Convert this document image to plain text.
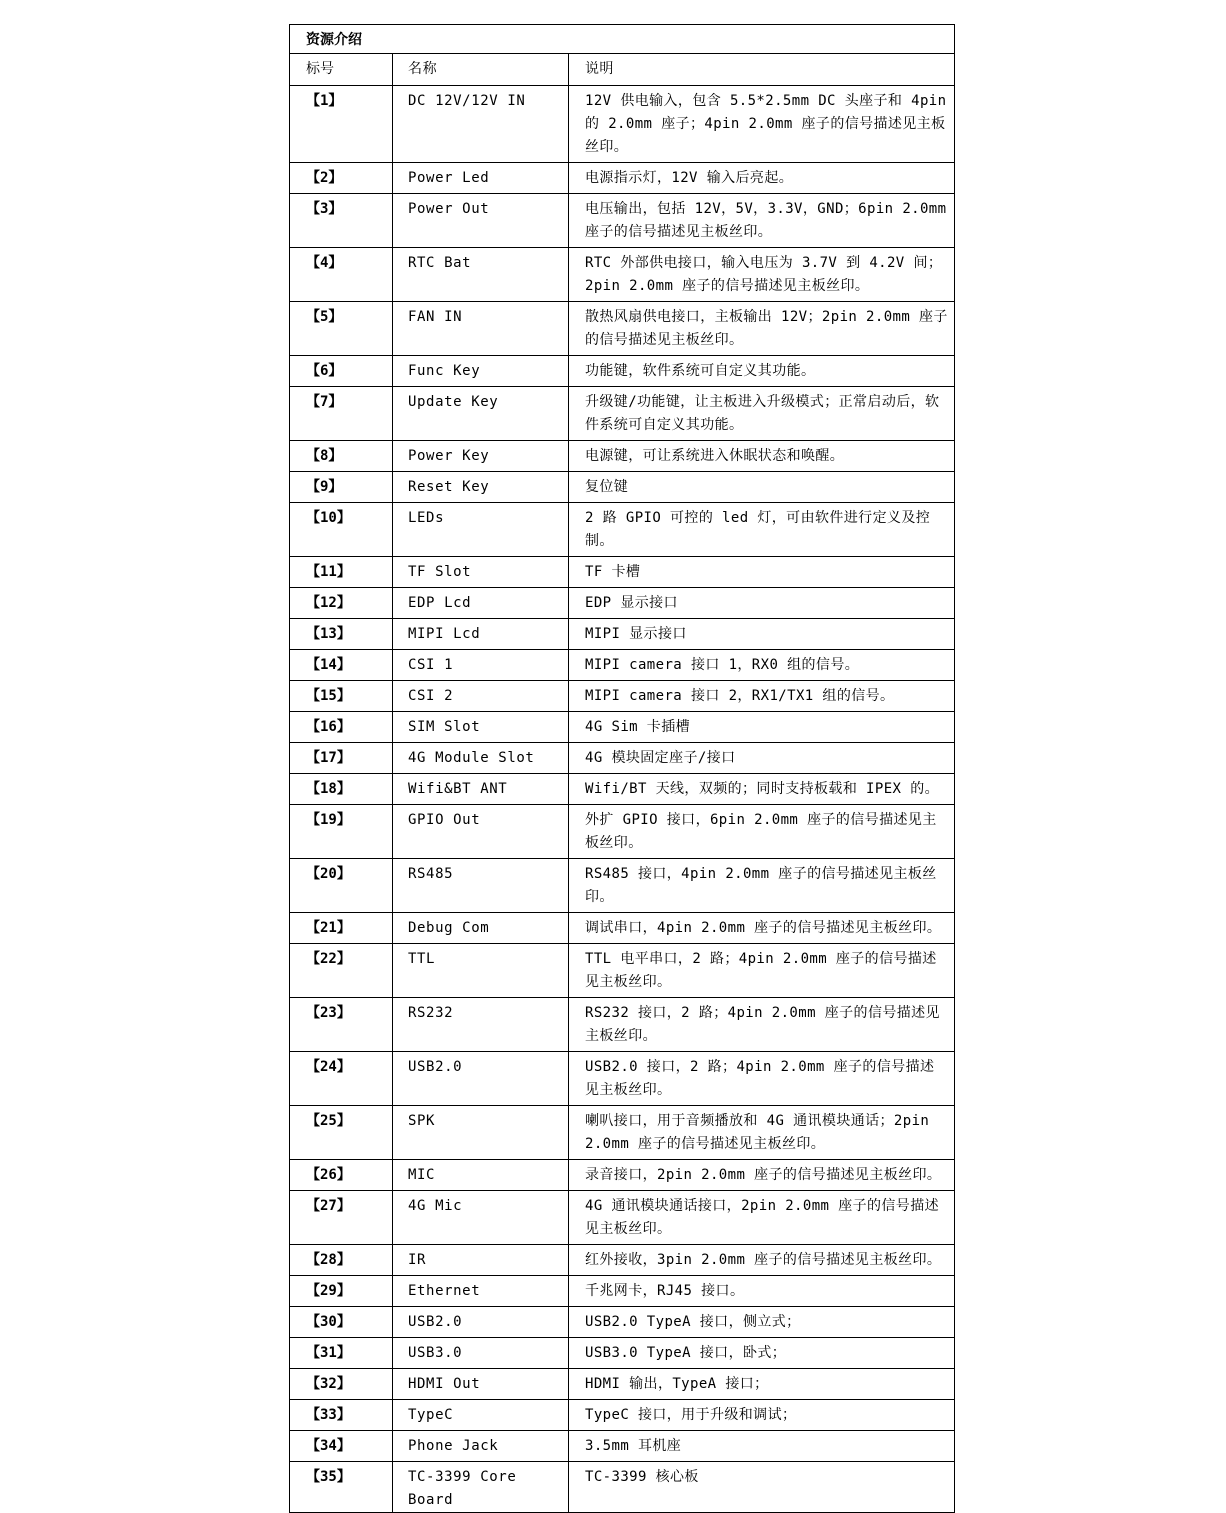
资源介绍		
标号	名称	说明
【1】	DC 12V/12V IN	12V 供电输入，包含 5.5*2.5mm DC 头座子和 4pin 的 2.0mm 座子；4pin 2.0mm 座子的信号描述见主板丝印。
【2】	Power Led	电源指示灯，12V 输入后亮起。
【3】	Power Out	电压输出，包括 12V，5V，3.3V，GND；6pin 2.0mm 座子的信号描述见主板丝印。
【4】	RTC Bat	RTC 外部供电接口，输入电压为 3.7V 到 4.2V 间；2pin 2.0mm 座子的信号描述见主板丝印。
【5】	FAN IN	散热风扇供电接口，主板输出 12V；2pin 2.0mm 座子的信号描述见主板丝印。
【6】	Func Key	功能键，软件系统可自定义其功能。
【7】	Update Key	升级键/功能键，让主板进入升级模式；正常启动后，软件系统可自定义其功能。
【8】	Power Key	电源键，可让系统进入休眠状态和唤醒。
【9】	Reset Key	复位键
【10】	LEDs	2 路 GPIO 可控的 led 灯，可由软件进行定义及控制。
【11】	TF Slot	TF 卡槽
【12】	EDP Lcd	EDP 显示接口
【13】	MIPI Lcd	MIPI 显示接口
【14】	CSI 1	MIPI camera 接口 1，RX0 组的信号。
【15】	CSI 2	MIPI camera 接口 2，RX1/TX1 组的信号。
【16】	SIM Slot	4G Sim 卡插槽
【17】	4G Module Slot	4G 模块固定座子/接口
【18】	Wifi&BT ANT	Wifi/BT 天线，双频的；同时支持板载和 IPEX 的。
【19】	GPIO Out	外扩 GPIO 接口，6pin 2.0mm 座子的信号描述见主板丝印。
【20】	RS485	RS485 接口，4pin 2.0mm 座子的信号描述见主板丝印。
【21】	Debug Com	调试串口，4pin 2.0mm 座子的信号描述见主板丝印。
【22】	TTL	TTL 电平串口，2 路；4pin 2.0mm 座子的信号描述见主板丝印。
【23】	RS232	RS232 接口，2 路；4pin 2.0mm 座子的信号描述见主板丝印。
【24】	USB2.0	USB2.0 接口，2 路；4pin 2.0mm 座子的信号描述见主板丝印。
【25】	SPK	喇叭接口，用于音频播放和 4G 通讯模块通话；2pin 2.0mm 座子的信号描述见主板丝印。
【26】	MIC	录音接口，2pin 2.0mm 座子的信号描述见主板丝印。
【27】	4G Mic	4G 通讯模块通话接口，2pin 2.0mm 座子的信号描述见主板丝印。
【28】	IR	红外接收，3pin 2.0mm 座子的信号描述见主板丝印。
【29】	Ethernet	千兆网卡，RJ45 接口。
【30】	USB2.0	USB2.0 TypeA 接口，侧立式；
【31】	USB3.0	USB3.0 TypeA 接口，卧式；
【32】	HDMI Out	HDMI 输出，TypeA 接口；
【33】	TypeC	TypeC 接口，用于升级和调试；
【34】	Phone Jack	3.5mm 耳机座
【35】	TC-3399 Core Board	TC-3399 核心板
